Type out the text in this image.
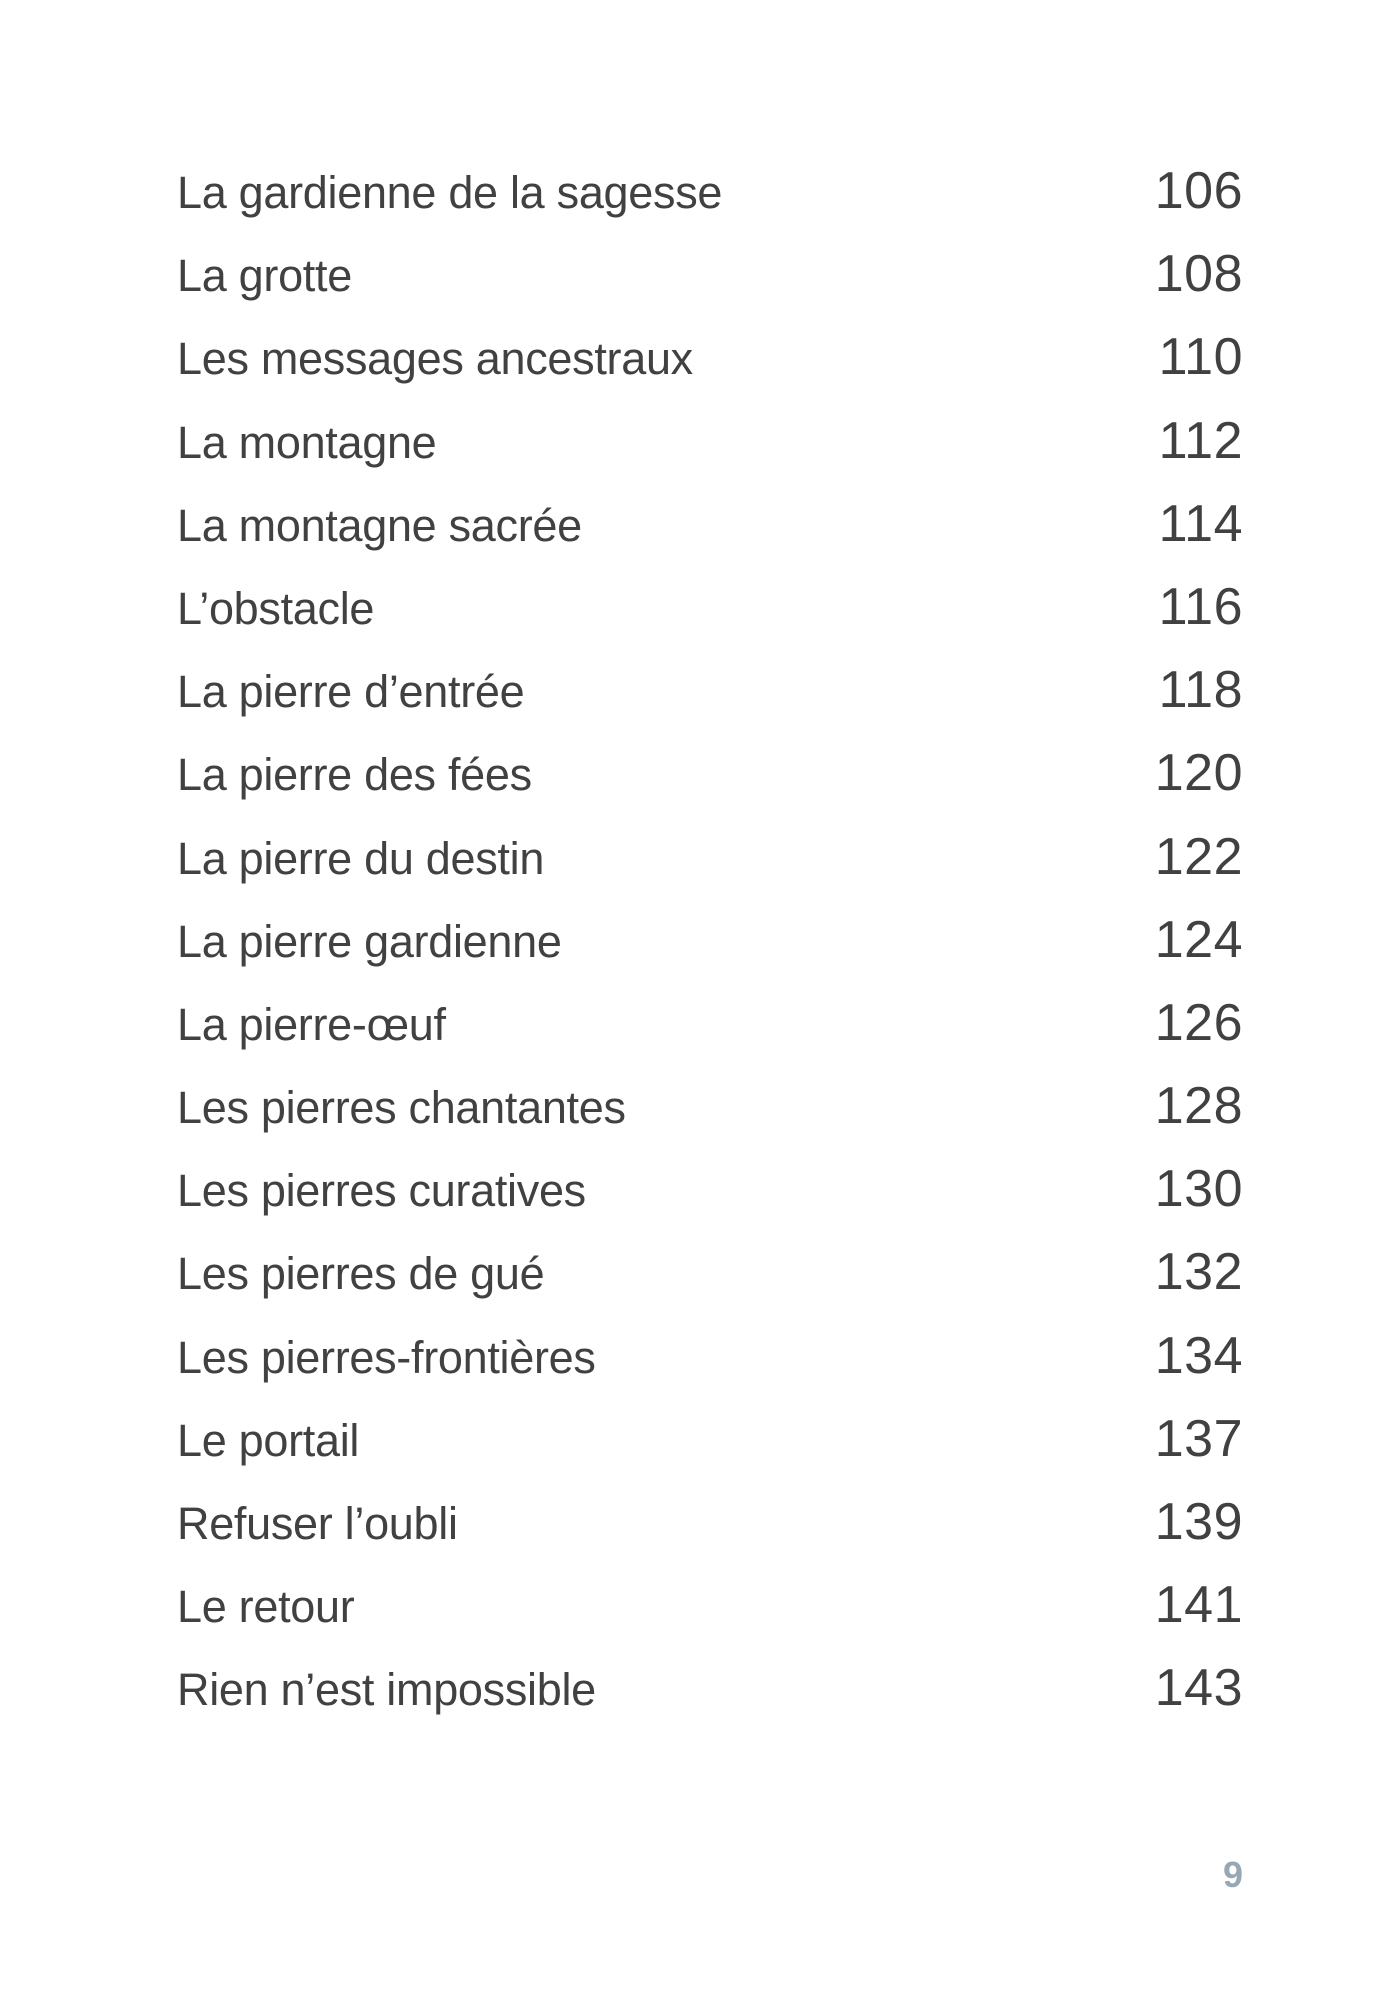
La gardienne de la sagesse	106
La grotte	108
Les messages ancestraux	110
La montagne	112
La montagne sacrée	114
L’obstacle	116
La pierre d’entrée	118
La pierre des fées	120
La pierre du destin	122
La pierre gardienne	124
La pierre-œuf	126
Les pierres chantantes	128
Les pierres curatives	130
Les pierres de gué	132
Les pierres-frontières	134
Le portail	137
Refuser l’oubli	139
Le retour	141
Rien n’est impossible	143
9
